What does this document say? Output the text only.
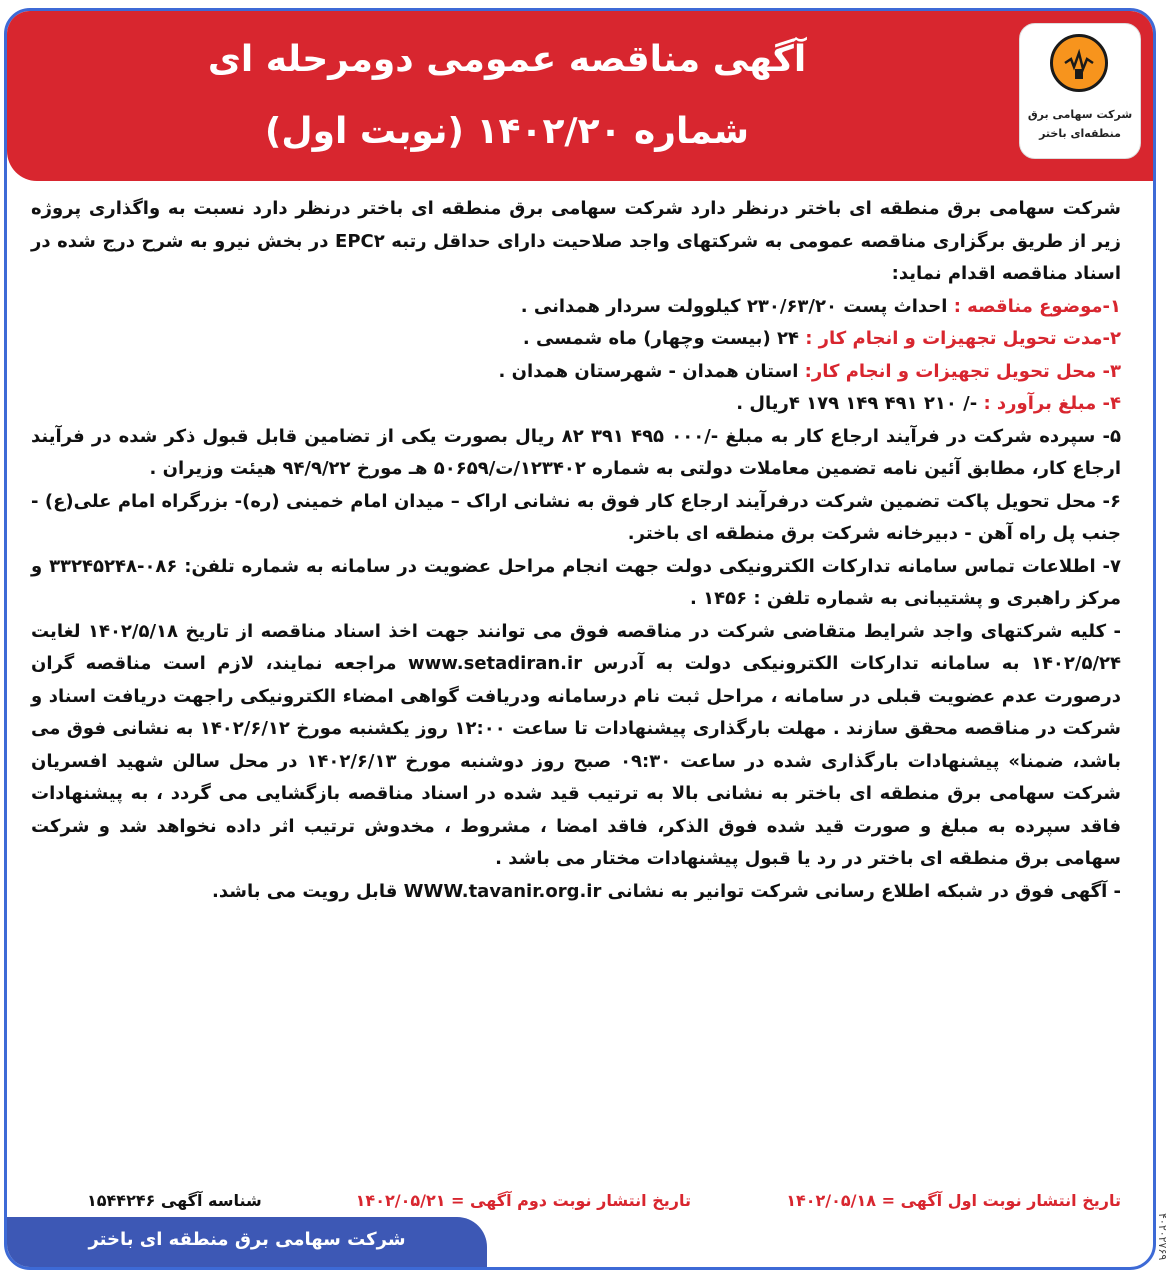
آگهی مناقصه عمومی دومرحله ای
شماره ۱۴۰۲/۲۰ (نوبت اول)	شرکت سهامی برق
منطقه‌ای باختر

شرکت سهامی برق منطقه ای باختر درنظر دارد شرکت سهامی برق منطقه ای باختر درنظر دارد نسبت به واگذاری پروژه زیر از طریق برگزاری مناقصه عمومی به شرکتهای واجد صلاحیت دارای حداقل رتبه EPC۲ در بخش نیرو به شرح درج شده در اسناد مناقصه اقدام نماید:

۱-موضوع مناقصه : احداث پست ۲۳۰/۶۳/۲۰ کیلوولت سردار همدانی .

۲-مدت تحویل تجهیزات و انجام کار : ۲۴ (بیست وچهار) ماه شمسی .

۳- محل تحویل تجهیزات و انجام کار: استان همدان - شهرستان همدان .

۴- مبلغ برآورد : -/ ۲۱۰ ۴۹۱ ۱۴۹ ۱۷۹ ۴ریال .

۵- سپرده شرکت در فرآیند ارجاع کار به مبلغ -/۰۰۰ ۴۹۵ ۳۹۱ ۸۲ ریال بصورت یکی از تضامین قابل قبول ذکر شده در فرآیند ارجاع کار، مطابق آئین نامه تضمین معاملات دولتی به شماره ۱۲۳۴۰۲/ت/۵۰۶۵۹ هـ مورخ ۹۴/۹/۲۲ هیئت وزیران .

۶- محل تحویل پاکت تضمین شرکت درفرآیند ارجاع کار فوق به نشانی اراک – میدان امام خمینی (ره)- بزرگراه امام علی(ع) - جنب پل راه آهن - دبیرخانه شرکت برق منطقه ای باختر.

۷- اطلاعات تماس سامانه تدارکات الکترونیکی دولت جهت انجام مراحل عضویت در سامانه به شماره تلفن: ۰۸۶-۳۳۲۴۵۲۴۸ و مرکز راهبری و پشتیبانی به شماره تلفن : ۱۴۵۶ .

- کلیه شرکتهای واجد شرایط متقاضی شرکت در مناقصه فوق می توانند جهت اخذ اسناد مناقصه از تاریخ ۱۴۰۲/۵/۱۸ لغایت ۱۴۰۲/۵/۲۴ به سامانه تدارکات الکترونیکی دولت به آدرس www.setadiran.ir مراجعه نمایند، لازم است مناقصه گران درصورت عدم عضویت قبلی در سامانه ، مراحل ثبت نام درسامانه ودریافت گواهی امضاء الکترونیکی راجهت دریافت اسناد و شرکت در مناقصه محقق سازند . مهلت بارگذاری پیشنهادات تا ساعت ۱۲:۰۰ روز یکشنبه مورخ ۱۴۰۲/۶/۱۲ به نشانی فوق می باشد، ضمنا» پیشنهادات بارگذاری شده در ساعت ۰۹:۳۰ صبح روز دوشنبه مورخ ۱۴۰۲/۶/۱۳ در محل سالن شهید افسریان شرکت سهامی برق منطقه ای باختر به نشانی بالا به ترتیب قید شده در اسناد مناقصه بازگشایی می گردد ، به پیشنهادات فاقد سپرده به مبلغ و صورت قید شده فوق الذکر، فاقد امضا ، مشروط ، مخدوش ترتیب اثر داده نخواهد شد و شرکت سهامی برق منطقه ای باختر در رد یا قبول پیشنهادات مختار می باشد .

- آگهی فوق در شبکه اطلاع رسانی شرکت توانیر به نشانی WWW.tavanir.org.ir قابل رویت می باشد.

تاریخ انتشار نوبت اول آگهی = ۱۴۰۲/۰۵/۱۸
تاریخ انتشار نوبت دوم آگهی = ۱۴۰۲/۰۵/۲۱
شناسه آگهی ۱۵۴۴۲۴۶
شرکت سهامی برق منطقه ای باختر	۴۰۲۰۲۷۶۹
